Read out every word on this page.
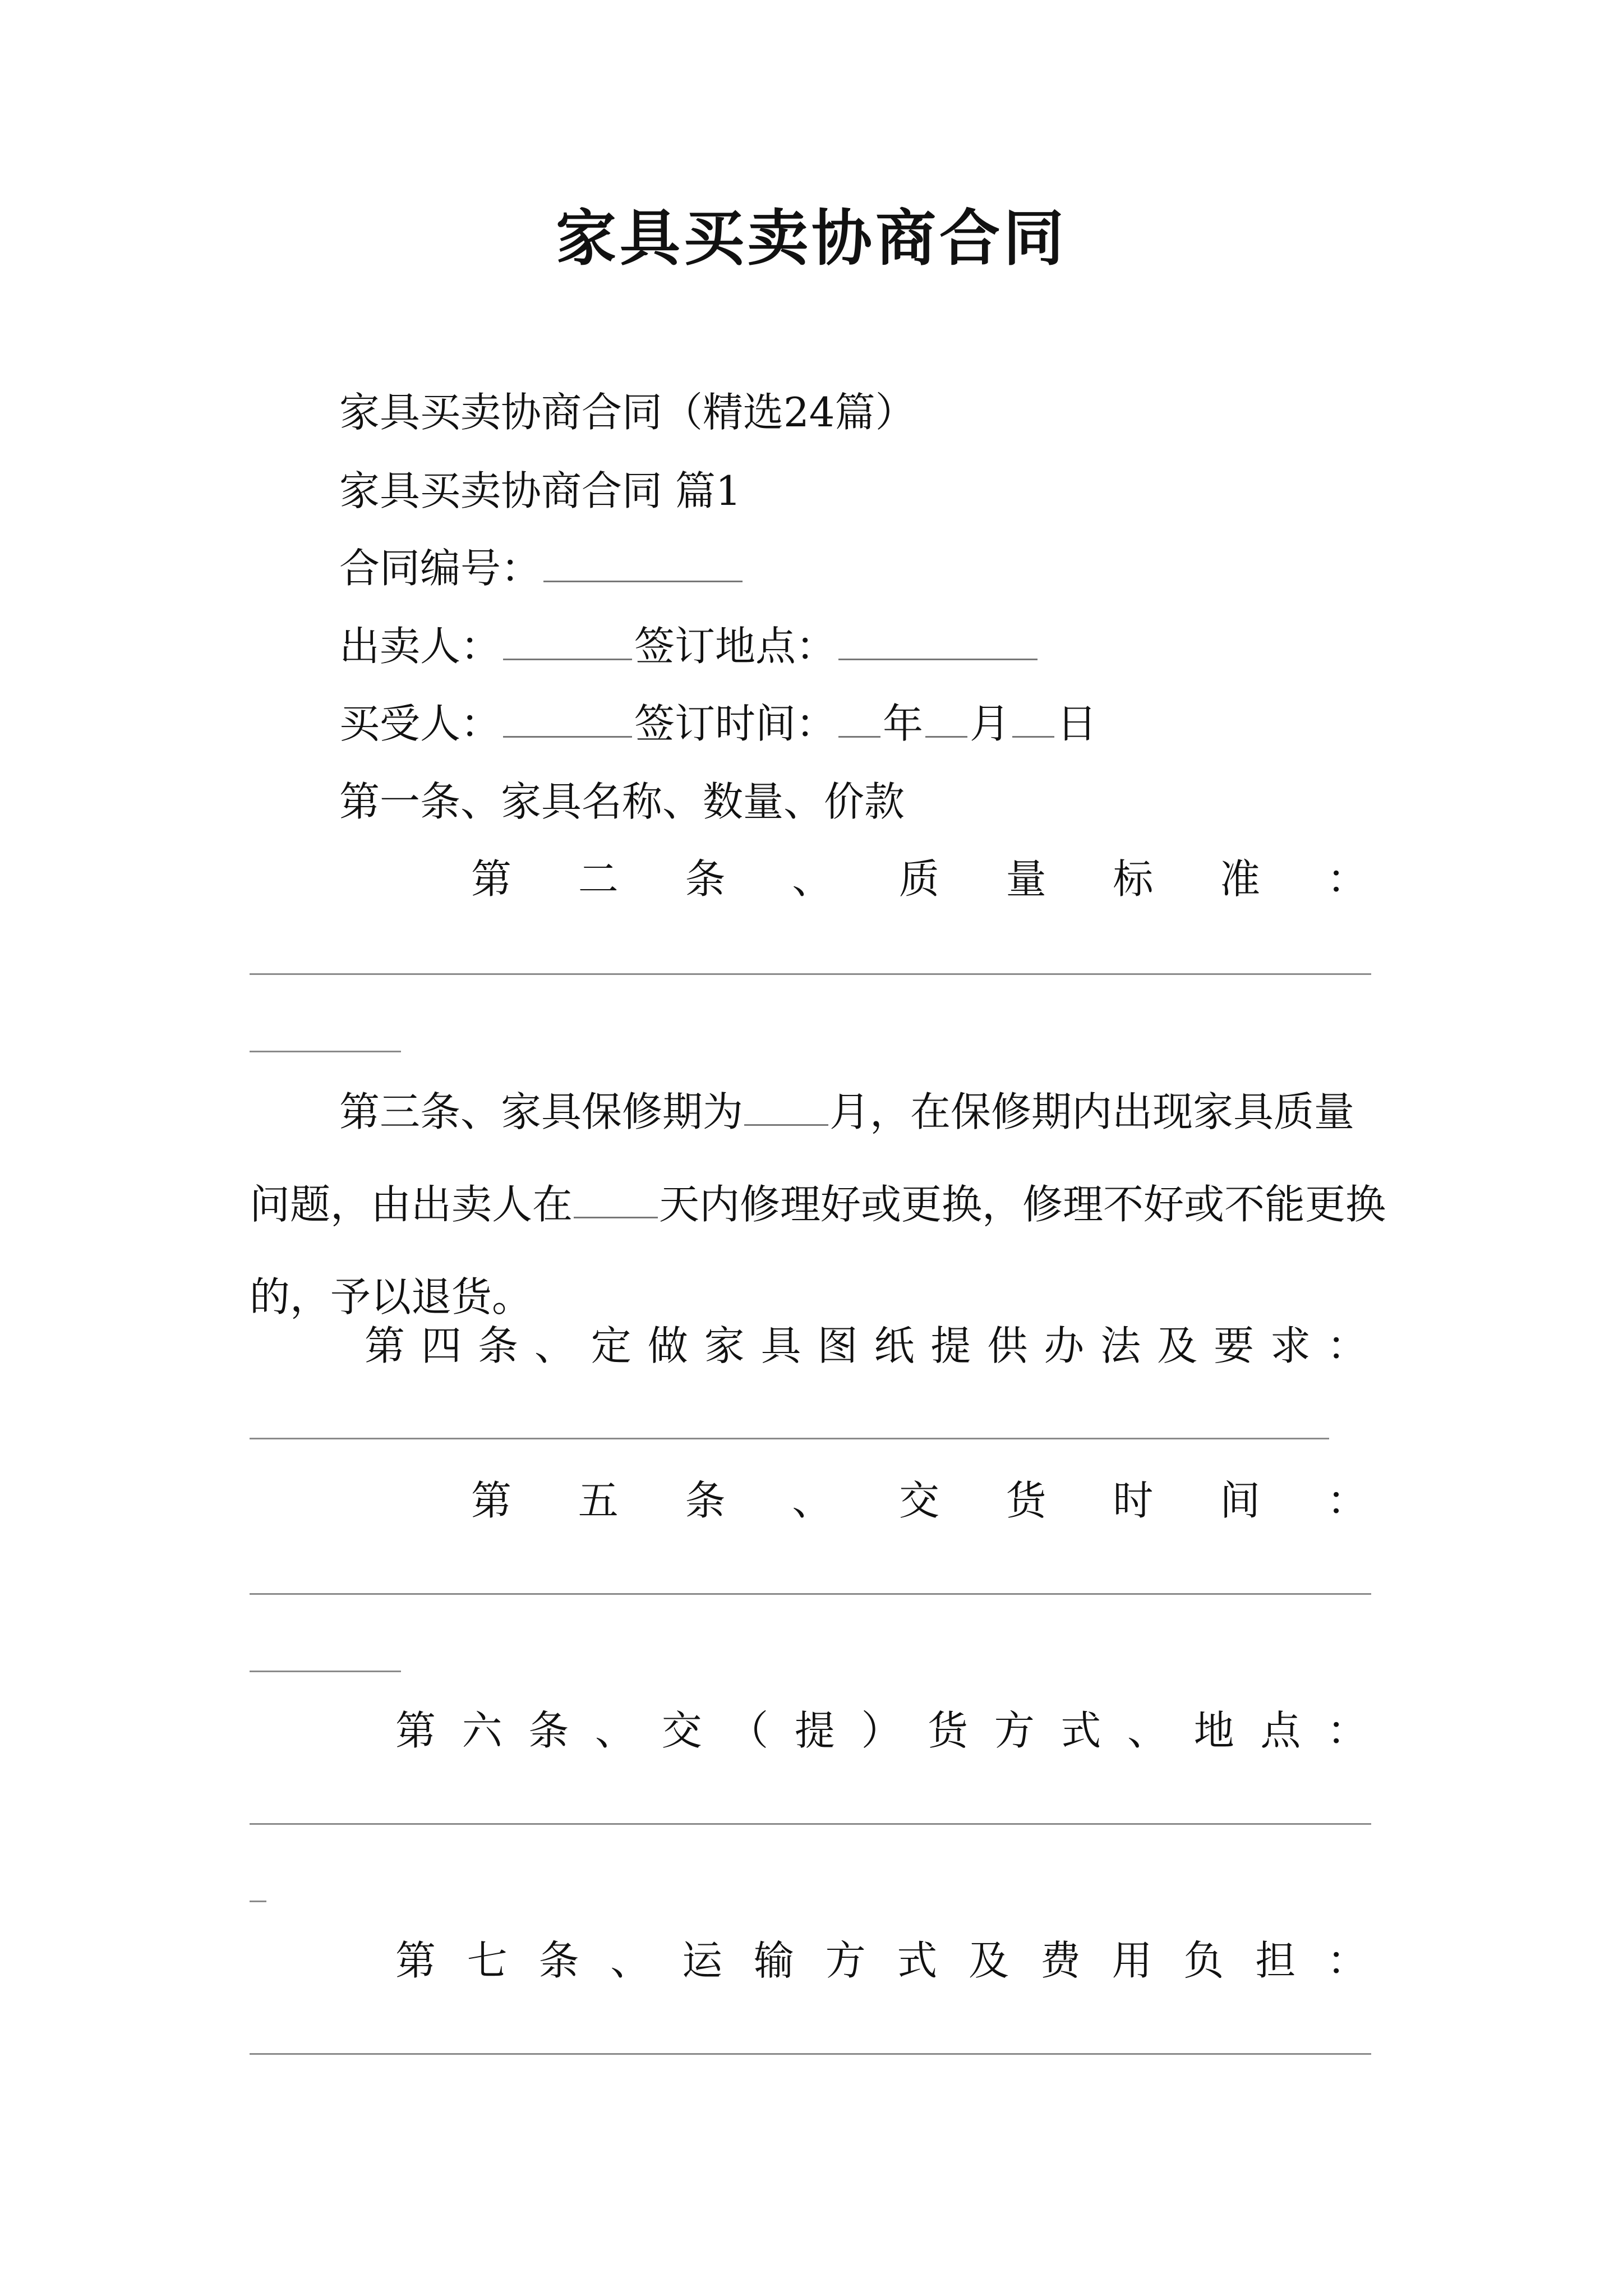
家具买卖协商合同
家具买卖协商合同（精选24篇）
家具买卖协商合同 篇1
合同编号：
出卖人：	签订地点：
买受人：	签订时间： 年 月 日
第一条、家具名称、数量、价款
第 二 条 、 质 量 标 准 ：

第三条、家具保修期为 月，在保修期内出现家具质量问题，由出卖人在 天内修理好或更换，修理不好或不能更换的，予以退货。

第 四 条 、 定 做 家 具 图 纸 提 供 办 法 及 要 求 ：
第 五 条 、 交 货 时 间 ：
第 六 条 、 交 （ 提 ） 货 方 式 、 地 点 ：
第 七 条 、 运 输 方 式 及 费 用 负 担 ：
